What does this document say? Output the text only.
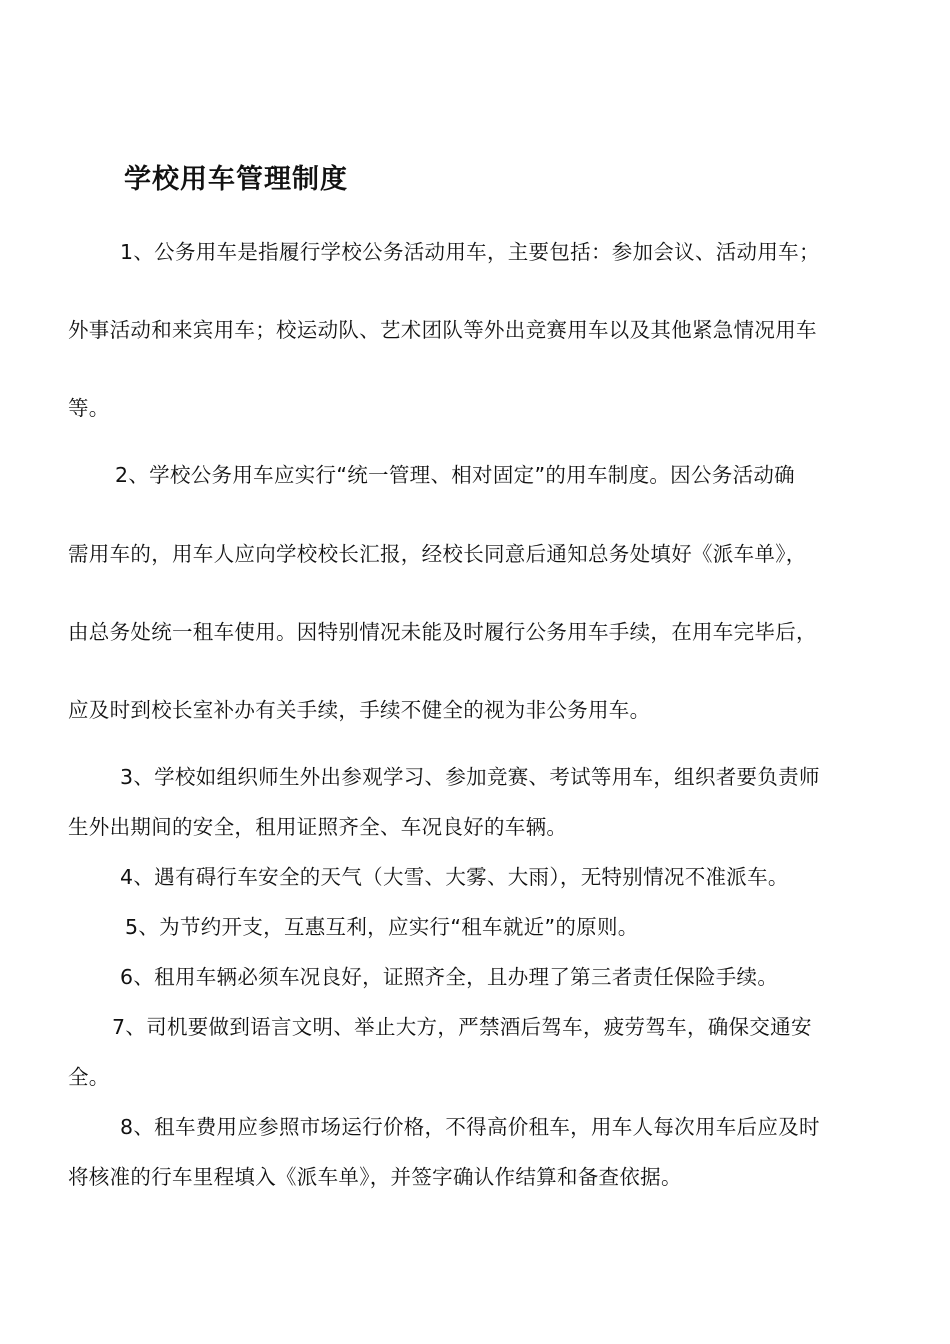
学校用车管理制度
1、公务用车是指履行学校公务活动用车，主要包括：参加会议、活动用车；
外事活动和来宾用车；校运动队、艺术团队等外出竞赛用车以及其他紧急情况用车
等。
2、学校公务用车应实行“统一管理、相对固定”的用车制度。因公务活动确
需用车的，用车人应向学校校长汇报，经校长同意后通知总务处填好《派车单》，
由总务处统一租车使用。因特别情况未能及时履行公务用车手续，在用车完毕后，
应及时到校长室补办有关手续，手续不健全的视为非公务用车。
3、学校如组织师生外出参观学习、参加竞赛、考试等用车，组织者要负责师
生外出期间的安全，租用证照齐全、车况良好的车辆。
4、遇有碍行车安全的天气（大雪、大雾、大雨），无特别情况不准派车。
5、为节约开支，互惠互利，应实行“租车就近”的原则。
6、租用车辆必须车况良好，证照齐全，且办理了第三者责任保险手续。
7、司机要做到语言文明、举止大方，严禁酒后驾车，疲劳驾车，确保交通安
全。
8、租车费用应参照市场运行价格，不得高价租车，用车人每次用车后应及时
将核准的行车里程填入《派车单》，并签字确认作结算和备查依据。
